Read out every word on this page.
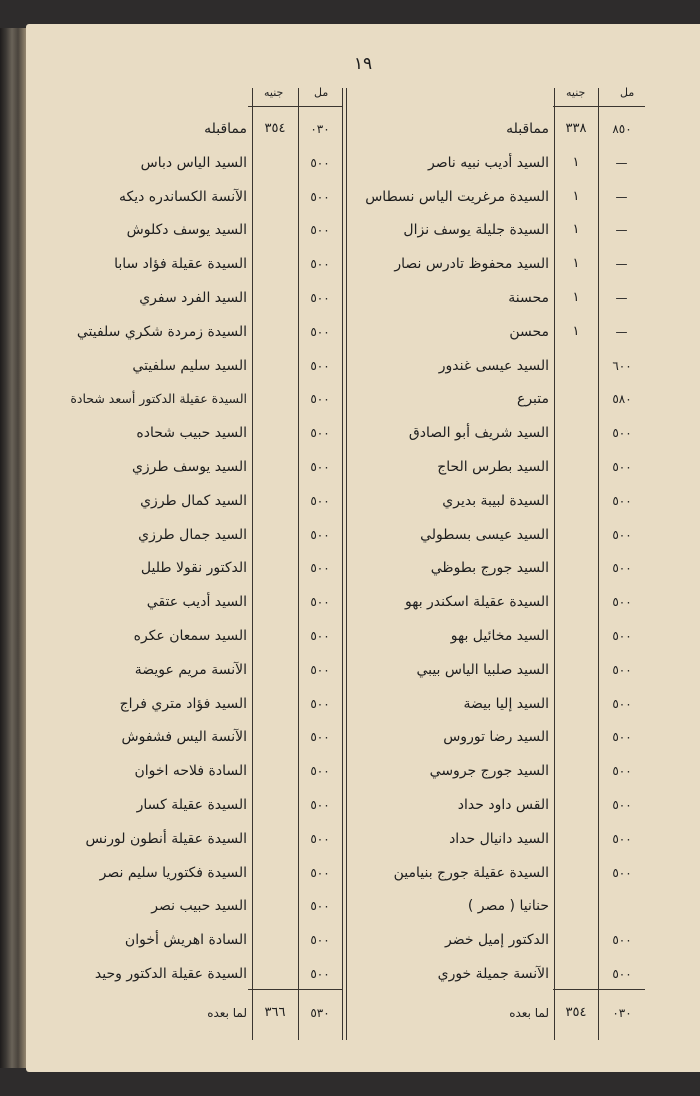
١٩
مل
جنيه
مل
جنيه
٨٥٠
٣٣٨
مماقبله
—
١
السيد أديب نبيه ناصر
—
١
السيدة مرغريت الياس نسطاس
—
١
السيدة جليلة يوسف نزال
—
١
السيد محفوظ تادرس نصار
—
١
محسنة
—
١
محسن
٦٠٠
السيد عيسى غندور
٥٨٠
متبرع
٥٠٠
السيد شريف أبو الصادق
٥٠٠
السيد بطرس الحاج
٥٠٠
السيدة لبيبة بديري
٥٠٠
السيد عيسى بسطولي
٥٠٠
السيد جورج بطوظي
٥٠٠
السيدة عقيلة اسكندر بهو
٥٠٠
السيد مخائيل بهو
٥٠٠
السيد صلبيا الياس بيبي
٥٠٠
السيد إليا بيضة
٥٠٠
السيد رضا توروس
٥٠٠
السيد جورج جروسي
٥٠٠
القس داود حداد
٥٠٠
السيد دانيال حداد
٥٠٠
السيدة عقيلة جورج بنيامين
حنانيا ( مصر )
٥٠٠
الدكتور إميل خضر
٥٠٠
الآنسة جميلة خوري
٠٣٠
٣٥٤
مماقبله
٥٠٠
السيد الياس دباس
٥٠٠
الآنسة الكساندره ديكه
٥٠٠
السيد يوسف دكلوش
٥٠٠
السيدة عقيلة فؤاد سابا
٥٠٠
السيد الفرد سفري
٥٠٠
السيدة زمردة شكري سلفيتي
٥٠٠
السيد سليم سلفيتي
٥٠٠
السيدة عقيلة الدكتور أسعد شحادة
٥٠٠
السيد حبيب شحاده
٥٠٠
السيد يوسف طرزي
٥٠٠
السيد كمال طرزي
٥٠٠
السيد جمال طرزي
٥٠٠
الدكتور نقولا طليل
٥٠٠
السيد أديب عتقي
٥٠٠
السيد سمعان عكره
٥٠٠
الآنسة مريم عويضة
٥٠٠
السيد فؤاد متري فراج
٥٠٠
الآنسة اليس فشفوش
٥٠٠
السادة فلاحه اخوان
٥٠٠
السيدة عقيلة كسار
٥٠٠
السيدة عقيلة أنطون لورنس
٥٠٠
السيدة فكتوريا سليم نصر
٥٠٠
السيد حبيب نصر
٥٠٠
السادة اهريش أخوان
٥٠٠
السيدة عقيلة الدكتور وحيد
٠٣٠
٣٥٤
لما بعده
٥٣٠
٣٦٦
لما بعده
